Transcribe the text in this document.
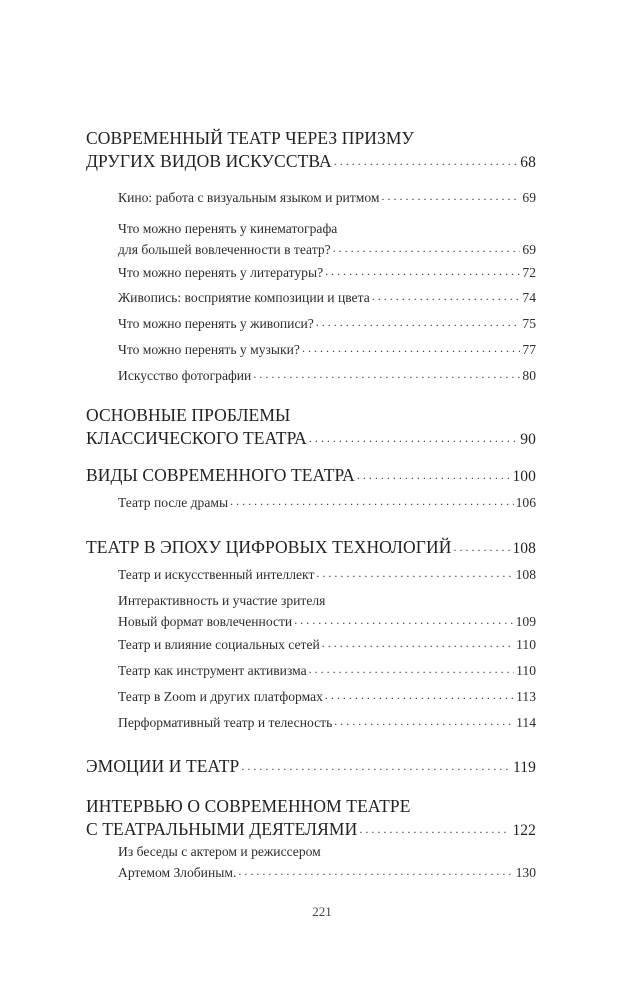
СОВРЕМЕННЫЙ ТЕАТР ЧЕРЕЗ ПРИЗМУ
ДРУГИХ ВИДОВ ИСКУССТВА . . .	68
Кино: работа с визуальным языком и ритмом . . .	69
Что можно перенять у кинематографа
для большей вовлеченности в театр? . . .	69
Что можно перенять у литературы? . . .	72
Живопись: восприятие композиции и цвета . . .	74
Что можно перенять у живописи? . . .	75
Что можно перенять у музыки? . . .	77
Искусство фотографии . . .	80
ОСНОВНЫЕ ПРОБЛЕМЫ
КЛАССИЧЕСКОГО ТЕАТРА . . .	90
ВИДЫ СОВРЕМЕННОГО ТЕАТРА . . .	100
Театр после драмы . . .	106
ТЕАТР В ЭПОХУ ЦИФРОВЫХ ТЕХНОЛОГИЙ . . .	108
Театр и искусственный интеллект . . .	108
Интерактивность и участие зрителя
Новый формат вовлеченности . . .	109
Театр и влияние социальных сетей . . .	110
Театр как инструмент активизма . . .	110
Театр в Zoom и других платформах . . .	113
Перформативный театр и телесность . . .	114
ЭМОЦИИ И ТЕАТР . . .	119
ИНТЕРВЬЮ О СОВРЕМЕННОМ ТЕАТРЕ
С ТЕАТРАЛЬНЫМИ ДЕЯТЕЛЯМИ . . .	122
Из беседы с актером и режиссером
Артемом Злобиным. . . .	130
221
